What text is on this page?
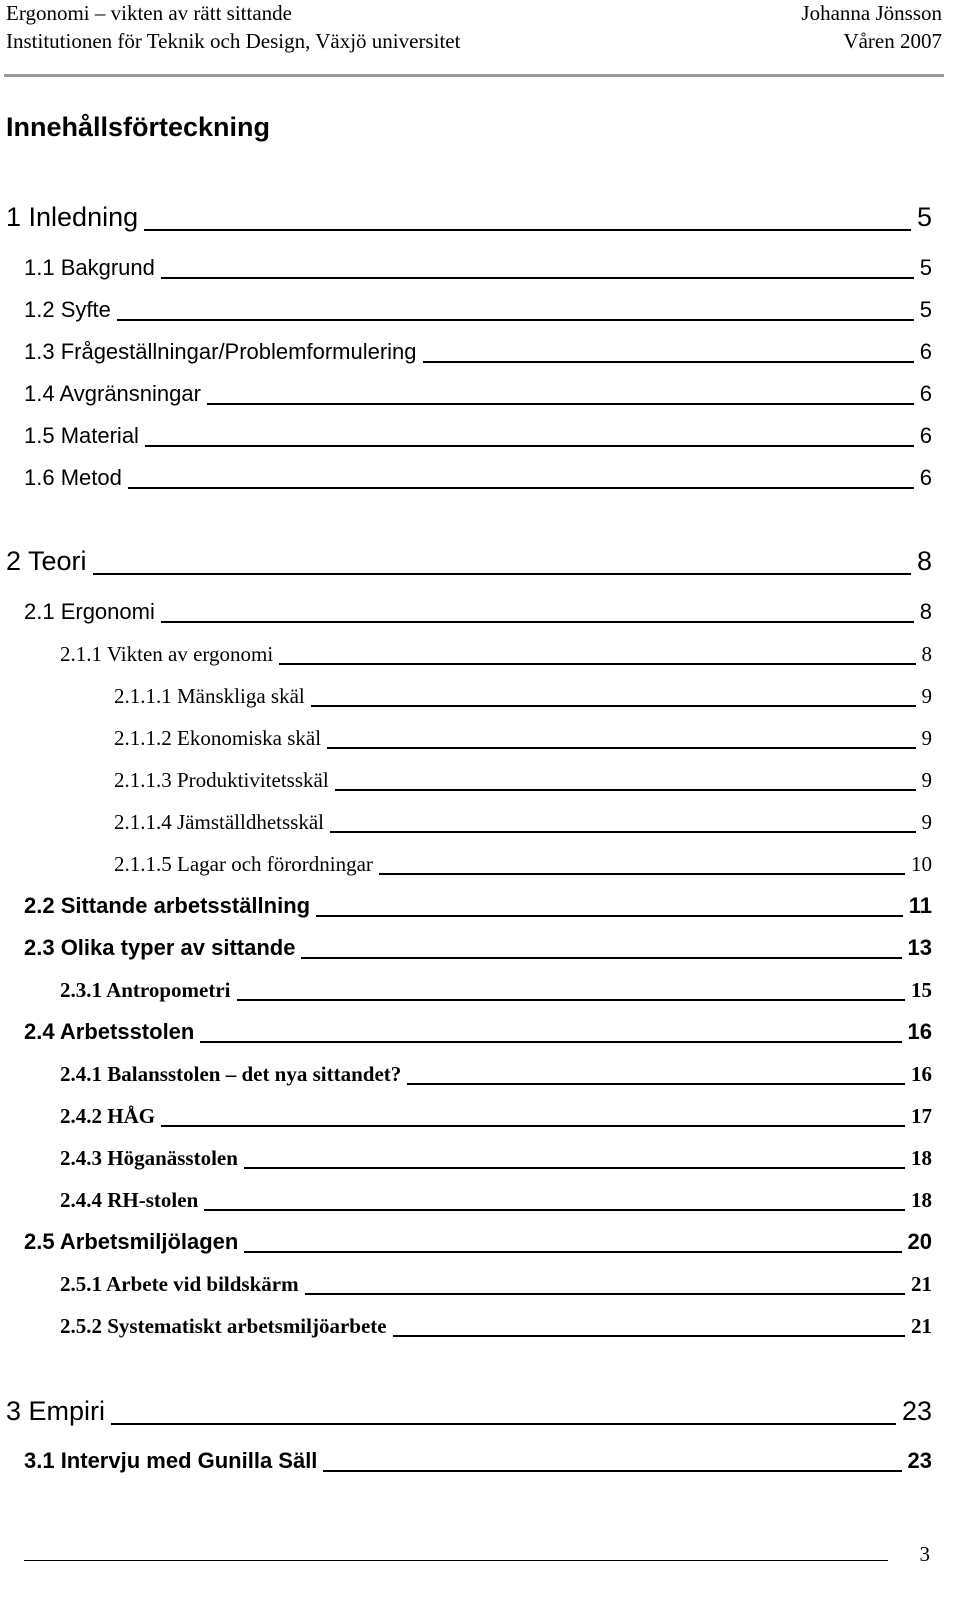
Ergonomi – vikten av rätt sittande	Johanna Jönsson
Institutionen för Teknik och Design, Växjö universitet	Våren 2007
Innehållsförteckning
1 Inledning	5
1.1 Bakgrund	5
1.2 Syfte	5
1.3 Frågeställningar/Problemformulering	6
1.4 Avgränsningar	6
1.5 Material	6
1.6 Metod	6
2 Teori	8
2.1 Ergonomi	8
2.1.1 Vikten av ergonomi	8
2.1.1.1 Mänskliga skäl	9
2.1.1.2 Ekonomiska skäl	9
2.1.1.3 Produktivitetsskäl	9
2.1.1.4 Jämställdhetsskäl	9
2.1.1.5 Lagar och förordningar	10
2.2 Sittande arbetsställning	11
2.3 Olika typer av sittande	13
2.3.1 Antropometri	15
2.4 Arbetsstolen	16
2.4.1 Balansstolen – det nya sittandet?	16
2.4.2 HÅG	17
2.4.3 Höganässtolen	18
2.4.4 RH-stolen	18
2.5 Arbetsmiljölagen	20
2.5.1 Arbete vid bildskärm	21
2.5.2 Systematiskt arbetsmiljöarbete	21
3 Empiri	23
3.1 Intervju med Gunilla Säll	23
3
